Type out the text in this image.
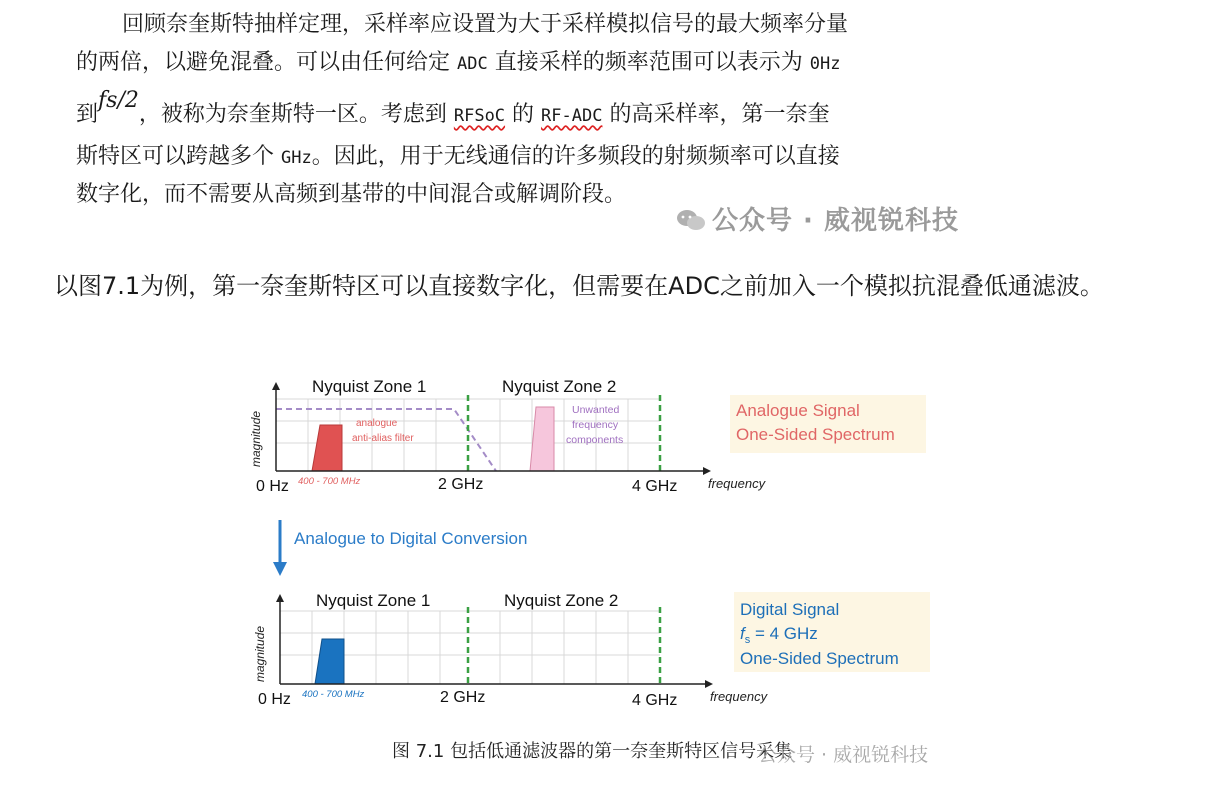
回顾奈奎斯特抽样定理，采样率应设置为大于采样模拟信号的最大频率分量
的两倍，以避免混叠。可以由任何给定 ADC 直接采样的频率范围可以表示为 0Hz
到fs/2，被称为奈奎斯特一区。考虑到 RFSoC 的 RF-ADC 的高采样率，第一奈奎
斯特区可以跨越多个 GHz。因此，用于无线通信的许多频段的射频频率可以直接
数字化，而不需要从高频到基带的中间混合或解调阶段。
公众号 · 威视锐科技

以图7.1为例，第一奈奎斯特区可以直接数字化，但需要在ADC之前加入一个模拟抗混叠低通滤波。

Nyquist Zone 1	Nyquist Zone 2
magnitude	analogue
anti-alias filter
Unwanted
frequency
components
400 - 700 MHz
0 Hz	2 GHz	4 GHz frequency
Analogue Signal
One-Sided Spectrum
Analogue to Digital Conversion
Nyquist Zone 1	Nyquist Zone 2
magnitude
400 - 700 MHz
0 Hz	2 GHz	4 GHz	frequency
Digital Signal
$f_s = 4$ GHz
One-Sided Spectrum
图 7.1 包括低通滤波器的第一奈奎斯特区信号采集
公众号 · 威视锐科技
